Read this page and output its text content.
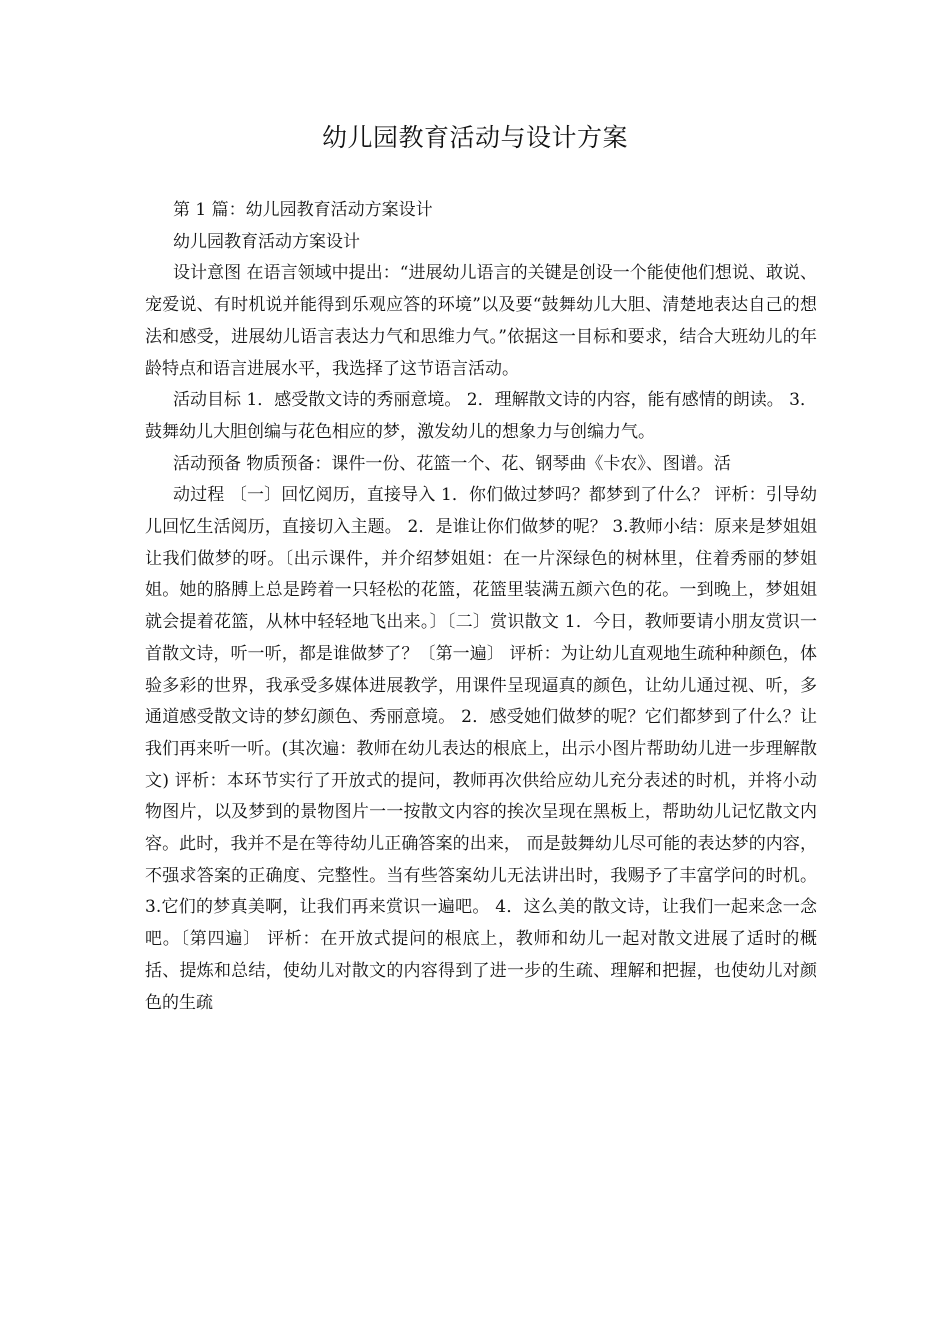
幼儿园教育活动与设计方案

第 1 篇：幼儿园教育活动方案设计

幼儿园教育活动方案设计

设计意图 在语言领域中提出：“进展幼儿语言的关键是创设一个能使他们想说、敢说、宠爱说、有时机说并能得到乐观应答的环境”以及要“鼓舞幼儿大胆、清楚地表达自己的想法和感受，进展幼儿语言表达力气和思维力气。”依据这一目标和要求，结合大班幼儿的年龄特点和语言进展水平，我选择了这节语言活动。

活动目标 1．感受散文诗的秀丽意境。 2．理解散文诗的内容，能有感情的朗读。 3．鼓舞幼儿大胆创编与花色相应的梦，激发幼儿的想象力与创编力气。

活动预备 物质预备：课件一份、花篮一个、花、钢琴曲《卡农》、图谱。活

动过程 〔一〕回忆阅历，直接导入 1．你们做过梦吗？都梦到了什么？ 评析：引导幼儿回忆生活阅历，直接切入主题。 2．是谁让你们做梦的呢？ 3.教师小结：原来是梦姐姐让我们做梦的呀。〔出示课件，并介绍梦姐姐：在一片深绿色的树林里，住着秀丽的梦姐姐。她的胳膊上总是跨着一只轻松的花篮，花篮里装满五颜六色的花。一到晚上，梦姐姐就会提着花篮，从林中轻轻地飞出来。〕〔二〕赏识散文 1．今日，教师要请小朋友赏识一首散文诗，听一听，都是谁做梦了？〔第一遍〕 评析：为让幼儿直观地生疏种种颜色，体验多彩的世界，我承受多媒体进展教学，用课件呈现逼真的颜色，让幼儿通过视、听，多通道感受散文诗的梦幻颜色、秀丽意境。 2．感受她们做梦的呢？它们都梦到了什么？让我们再来听一听。(其次遍：教师在幼儿表达的根底上，出示小图片帮助幼儿进一步理解散文) 评析：本环节实行了开放式的提问，教师再次供给应幼儿充分表述的时机，并将小动物图片，以及梦到的景物图片一一按散文内容的挨次呈现在黑板上，帮助幼儿记忆散文内容。此时，我并不是在等待幼儿正确答案的出来， 而是鼓舞幼儿尽可能的表达梦的内容，不强求答案的正确度、完整性。当有些答案幼儿无法讲出时，我赐予了丰富学问的时机。 3.它们的梦真美啊，让我们再来赏识一遍吧。 4．这么美的散文诗，让我们一起来念一念吧。〔第四遍〕 评析：在开放式提问的根底上，教师和幼儿一起对散文进展了适时的概括、提炼和总结，使幼儿对散文的内容得到了进一步的生疏、理解和把握，也使幼儿对颜色的生疏
